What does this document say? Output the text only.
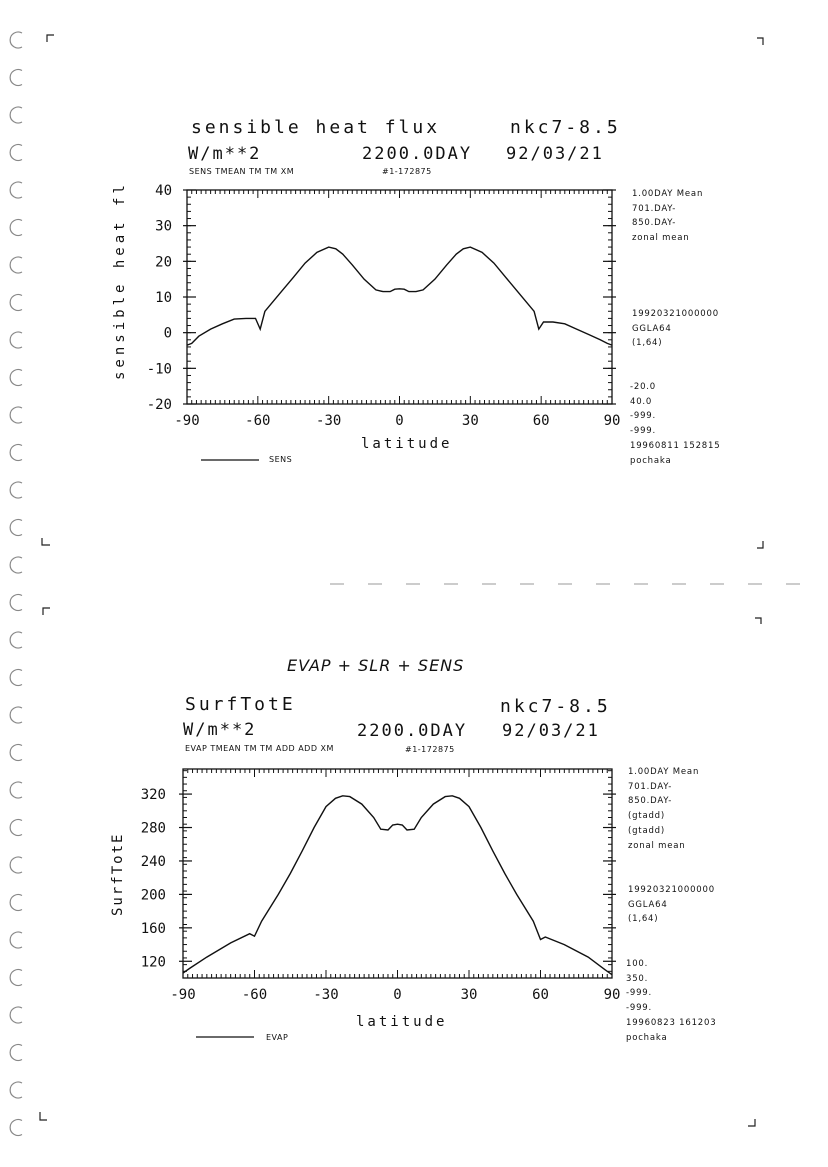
sensible heat flux	nkc7-8.5
W/m**2	2200.0DAY 92/03/21
SENS TMEAN TM TM XM	#1-172875
latitude
sensible heat fl
SENS
1.00DAY Mean
701.DAY-
850.DAY-
zonal mean
19920321000000
GGLA64
(1,64)
-20.0
40.0
-999.
-999.
19960811 152815
pochaka
EVAP + SLR + SENS
SurfTotE	nkc7-8.5
W/m**2	2200.0DAY 92/03/21
EVAP TMEAN TM TM ADD ADD XM	#1-172875
latitude
SurfTotE
EVAP
1.00DAY Mean
701.DAY-
850.DAY-
(gtadd)
(gtadd)
zonal mean
19920321000000
GGLA64
(1,64)
100.
350.
-999.
-999.
19960823 161203
pochaka
-90	-60	-30	0	30	60	90
40
30
20
10
0
-10
-20
-90	-60	-30	0	30	60	90
320
280
240
200
160
120
